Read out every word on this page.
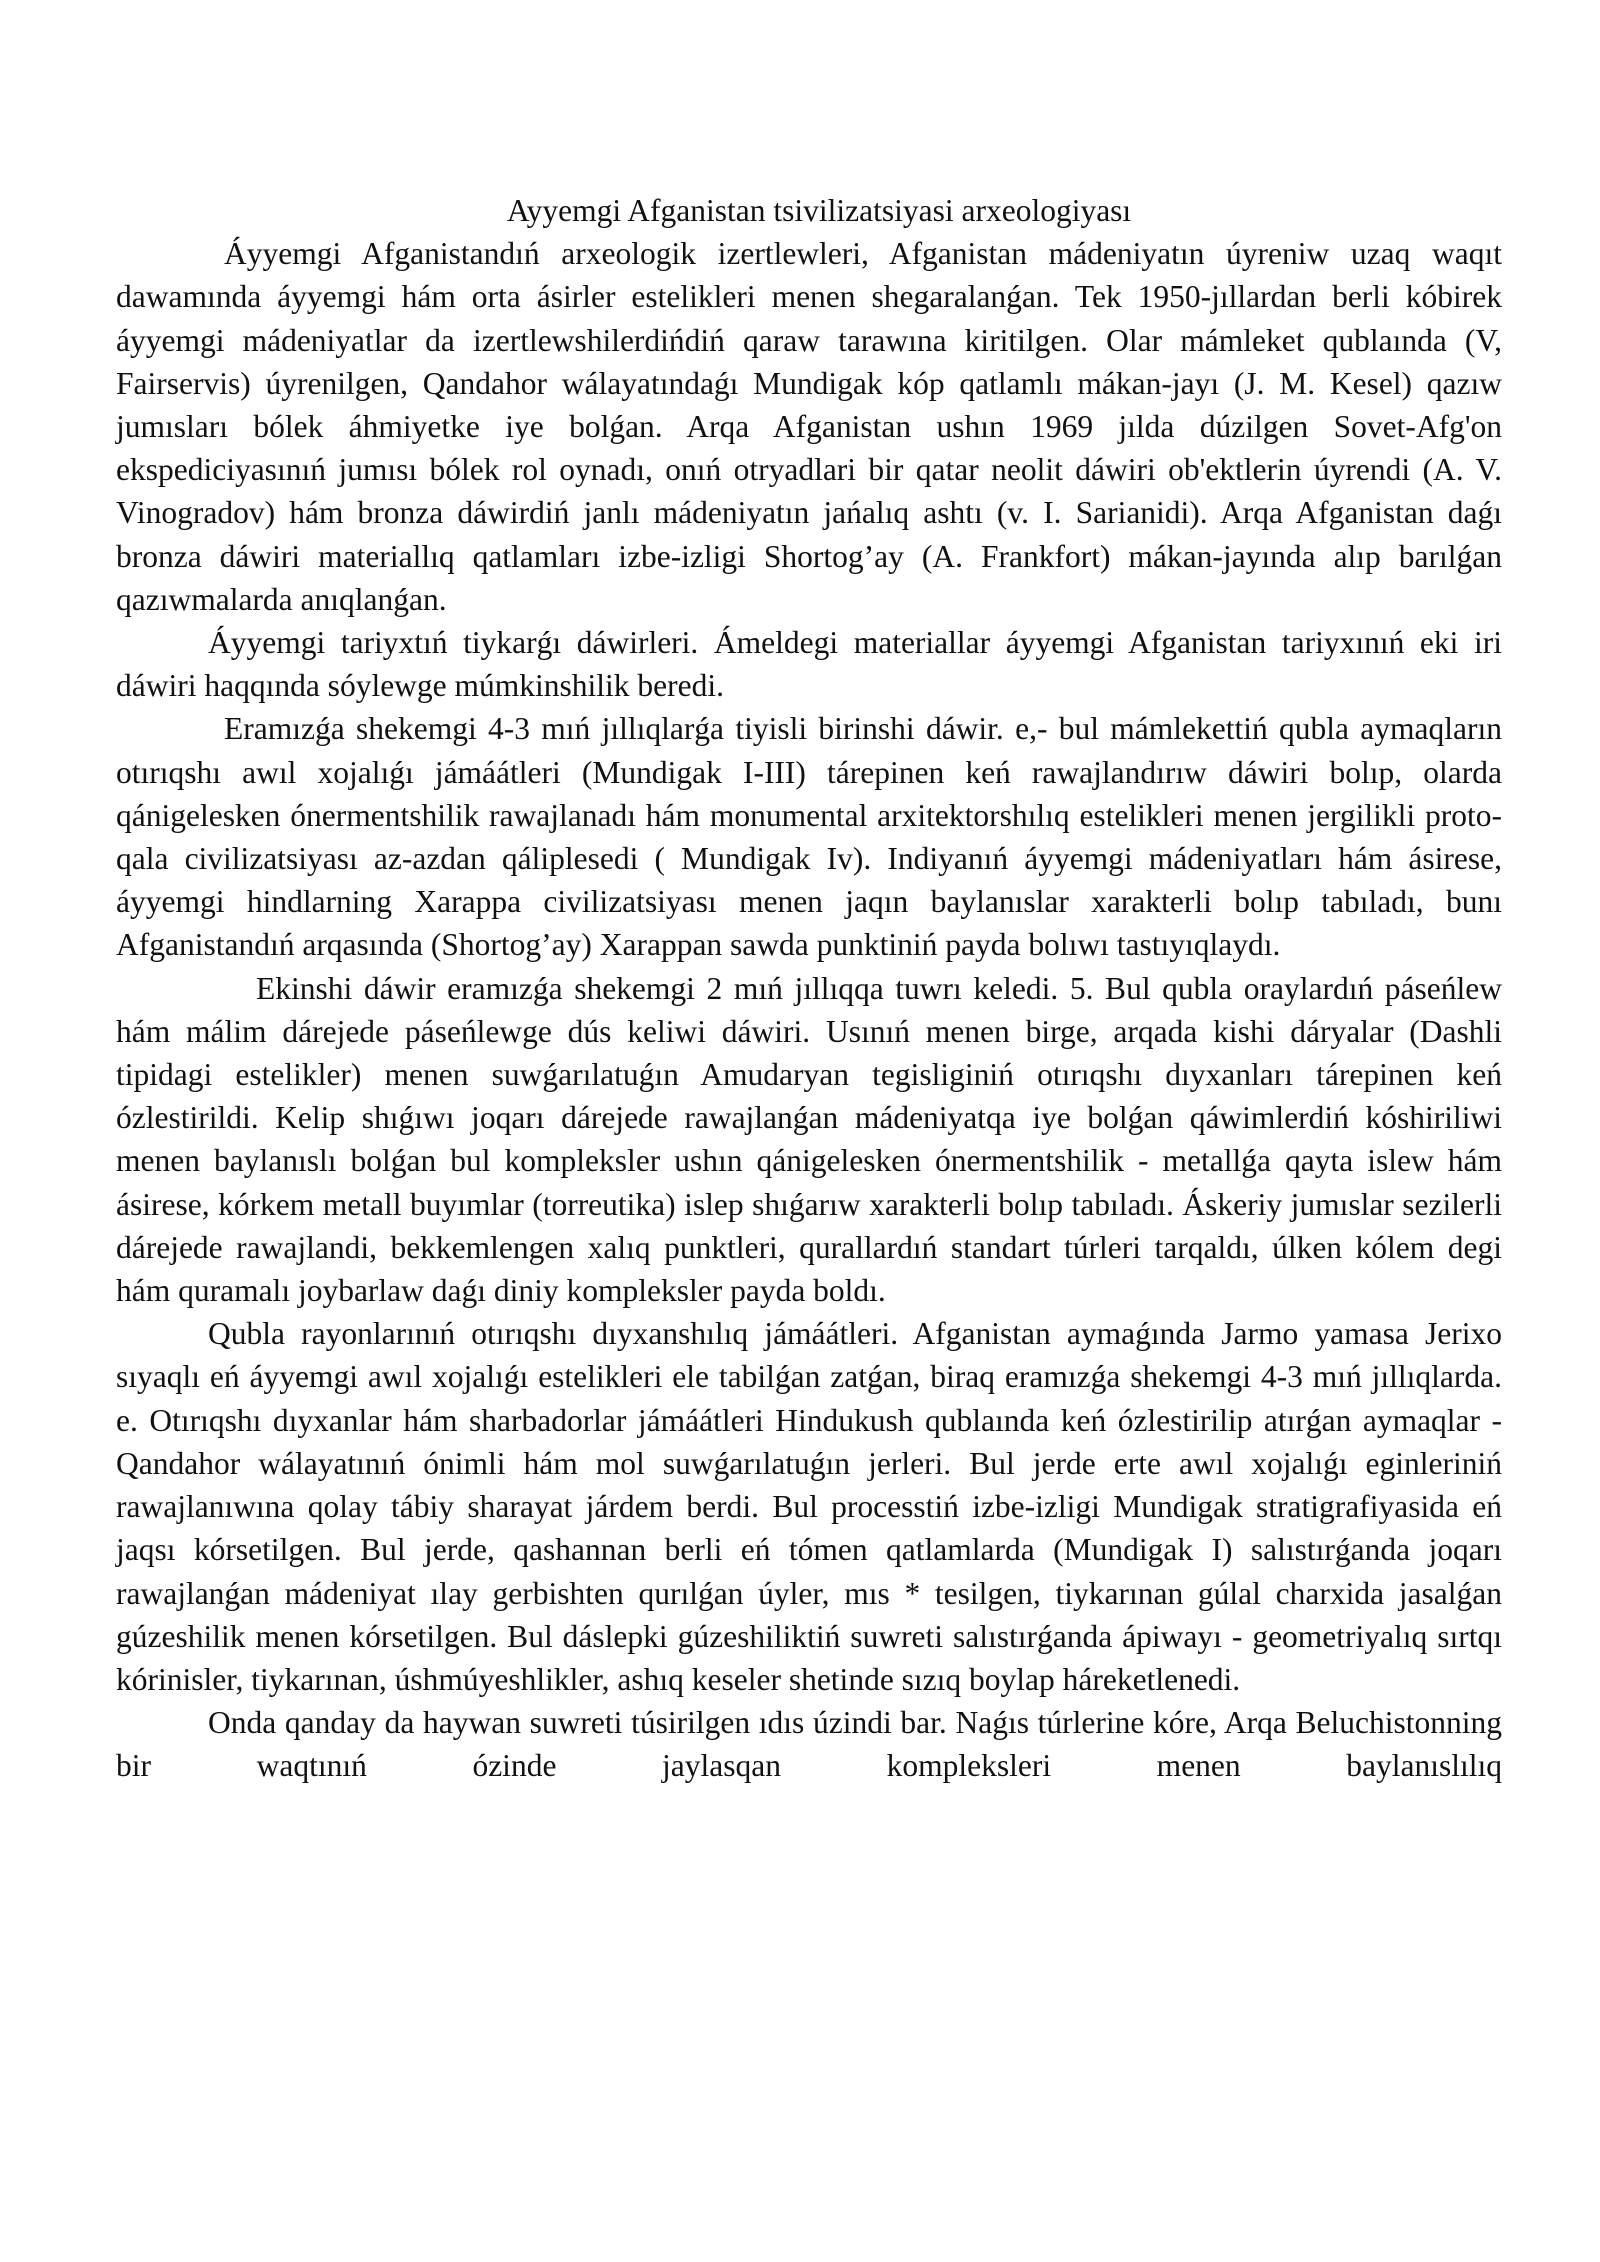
Ayyemgi Afganistan tsivilizatsiyasi arxeologiyası

Áyyemgi Afganistandıń arxeologik izertlewleri, Afganistan mádeniyatın úyreniw uzaq waqıt dawamında áyyemgi hám orta ásirler estelikleri menen shegaralanǵan. Tek 1950-jıllardan berli kóbirek áyyemgi mádeniyatlar da izertlewshilerdińdiń qaraw tarawına kiritilgen. Olar mámleket qublaında (V, Fairservis) úyrenilgen, Qandahor wálayatındaǵı Mundigak kóp qatlamlı mákan-jayı (J. M. Kesel) qazıw jumısları bólek áhmiyetke iye bolǵan. Arqa Afganistan ushın 1969 jılda dúzilgen Sovet-Afg'on ekspediciyasınıń jumısı bólek rol oynadı, onıń otryadlari bir qatar neolit dáwiri ob'ektlerin úyrendi (A. V. Vinogradov) hám bronza dáwirdiń janlı mádeniyatın jańalıq ashtı (v. I. Sarianidi). Arqa Afganistan daǵı bronza dáwiri materiallıq qatlamları izbe-izligi Shortog’ay (A. Frankfort) mákan-jayında alıp barılǵan qazıwmalarda anıqlanǵan.

Áyyemgi tariyxtıń tiykarǵı dáwirleri. Ámeldegi materiallar áyyemgi Afganistan tariyxınıń eki iri dáwiri haqqında sóylewge múmkinshilik beredi.

Eramızǵa shekemgi 4-3 mıń jıllıqlarǵa tiyisli birinshi dáwir. e,- bul mámlekettiń qubla aymaqların otırıqshı awıl xojalıǵı jámáátleri (Mundigak I-III) tárepinen keń rawajlandırıw dáwiri bolıp, olarda qánigelesken ónermentshilik rawajlanadı hám monumental arxitektorshılıq estelikleri menen jergilikli proto-qala civilizatsiyası az-azdan qáliplesedi ( Mundigak Iv). Indiyanıń áyyemgi mádeniyatları hám ásirese, áyyemgi hindlarning Xarappa civilizatsiyası menen jaqın baylanıslar xarakterli bolıp tabıladı, bunı Afganistandıń arqasında (Shortog’ay) Xarappan sawda punktiniń payda bolıwı tastıyıqlaydı.

Ekinshi dáwir eramızǵa shekemgi 2 mıń jıllıqqa tuwrı keledi. 5. Bul qubla oraylardıń páseńlew hám málim dárejede páseńlewge dús keliwi dáwiri. Usınıń menen birge, arqada kishi dáryalar (Dashli tipidagi estelikler) menen suwǵarılatuǵın Amudaryan tegisliginiń otırıqshı dıyxanları tárepinen keń ózlestirildi. Kelip shıǵıwı joqarı dárejede rawajlanǵan mádeniyatqa iye bolǵan qáwimlerdiń kóshiriliwi menen baylanıslı bolǵan bul kompleksler ushın qánigelesken ónermentshilik - metallǵa qayta islew hám ásirese, kórkem metall buyımlar (torreutika) islep shıǵarıw xarakterli bolıp tabıladı. Áskeriy jumıslar sezilerli dárejede rawajlandi, bekkemlengen xalıq punktleri, qurallardıń standart túrleri tarqaldı, úlken kólem degi hám quramalı joybarlaw daǵı diniy kompleksler payda boldı.

Qubla rayonlarınıń otırıqshı dıyxanshılıq jámáátleri. Afganistan aymaǵında Jarmo yamasa Jerixo sıyaqlı eń áyyemgi awıl xojalıǵı estelikleri ele tabilǵan zatǵan, biraq eramızǵa shekemgi 4-3 mıń jıllıqlarda. e. Otırıqshı dıyxanlar hám sharbadorlar jámáátleri Hindukush qublaında keń ózlestirilip atırǵan aymaqlar - Qandahor wálayatınıń ónimli hám mol suwǵarılatuǵın jerleri. Bul jerde erte awıl xojalıǵı eginleriniń rawajlanıwına qolay tábiy sharayat járdem berdi. Bul processtiń izbe-izligi Mundigak stratigrafiyasida eń jaqsı kórsetilgen. Bul jerde, qashannan berli eń tómen qatlamlarda (Mundigak I) salıstırǵanda joqarı rawajlanǵan mádeniyat ılay gerbishten qurılǵan úyler, mıs * tesilgen, tiykarınan gúlal charxida jasalǵan gúzeshilik menen kórsetilgen. Bul dáslepki gúzeshiliktiń suwreti salıstırǵanda ápiwayı - geometriyalıq sırtqı kórinisler, tiykarınan, úshmúyeshlikler, ashıq keseler shetinde sızıq boylap háreketlenedi.

Onda qanday da haywan suwreti túsirilgen ıdıs úzindi bar. Naǵıs túrlerine kóre, Arqa Beluchistonning bir waqtınıń ózinde jaylasqan kompleksleri menen baylanıslılıq
